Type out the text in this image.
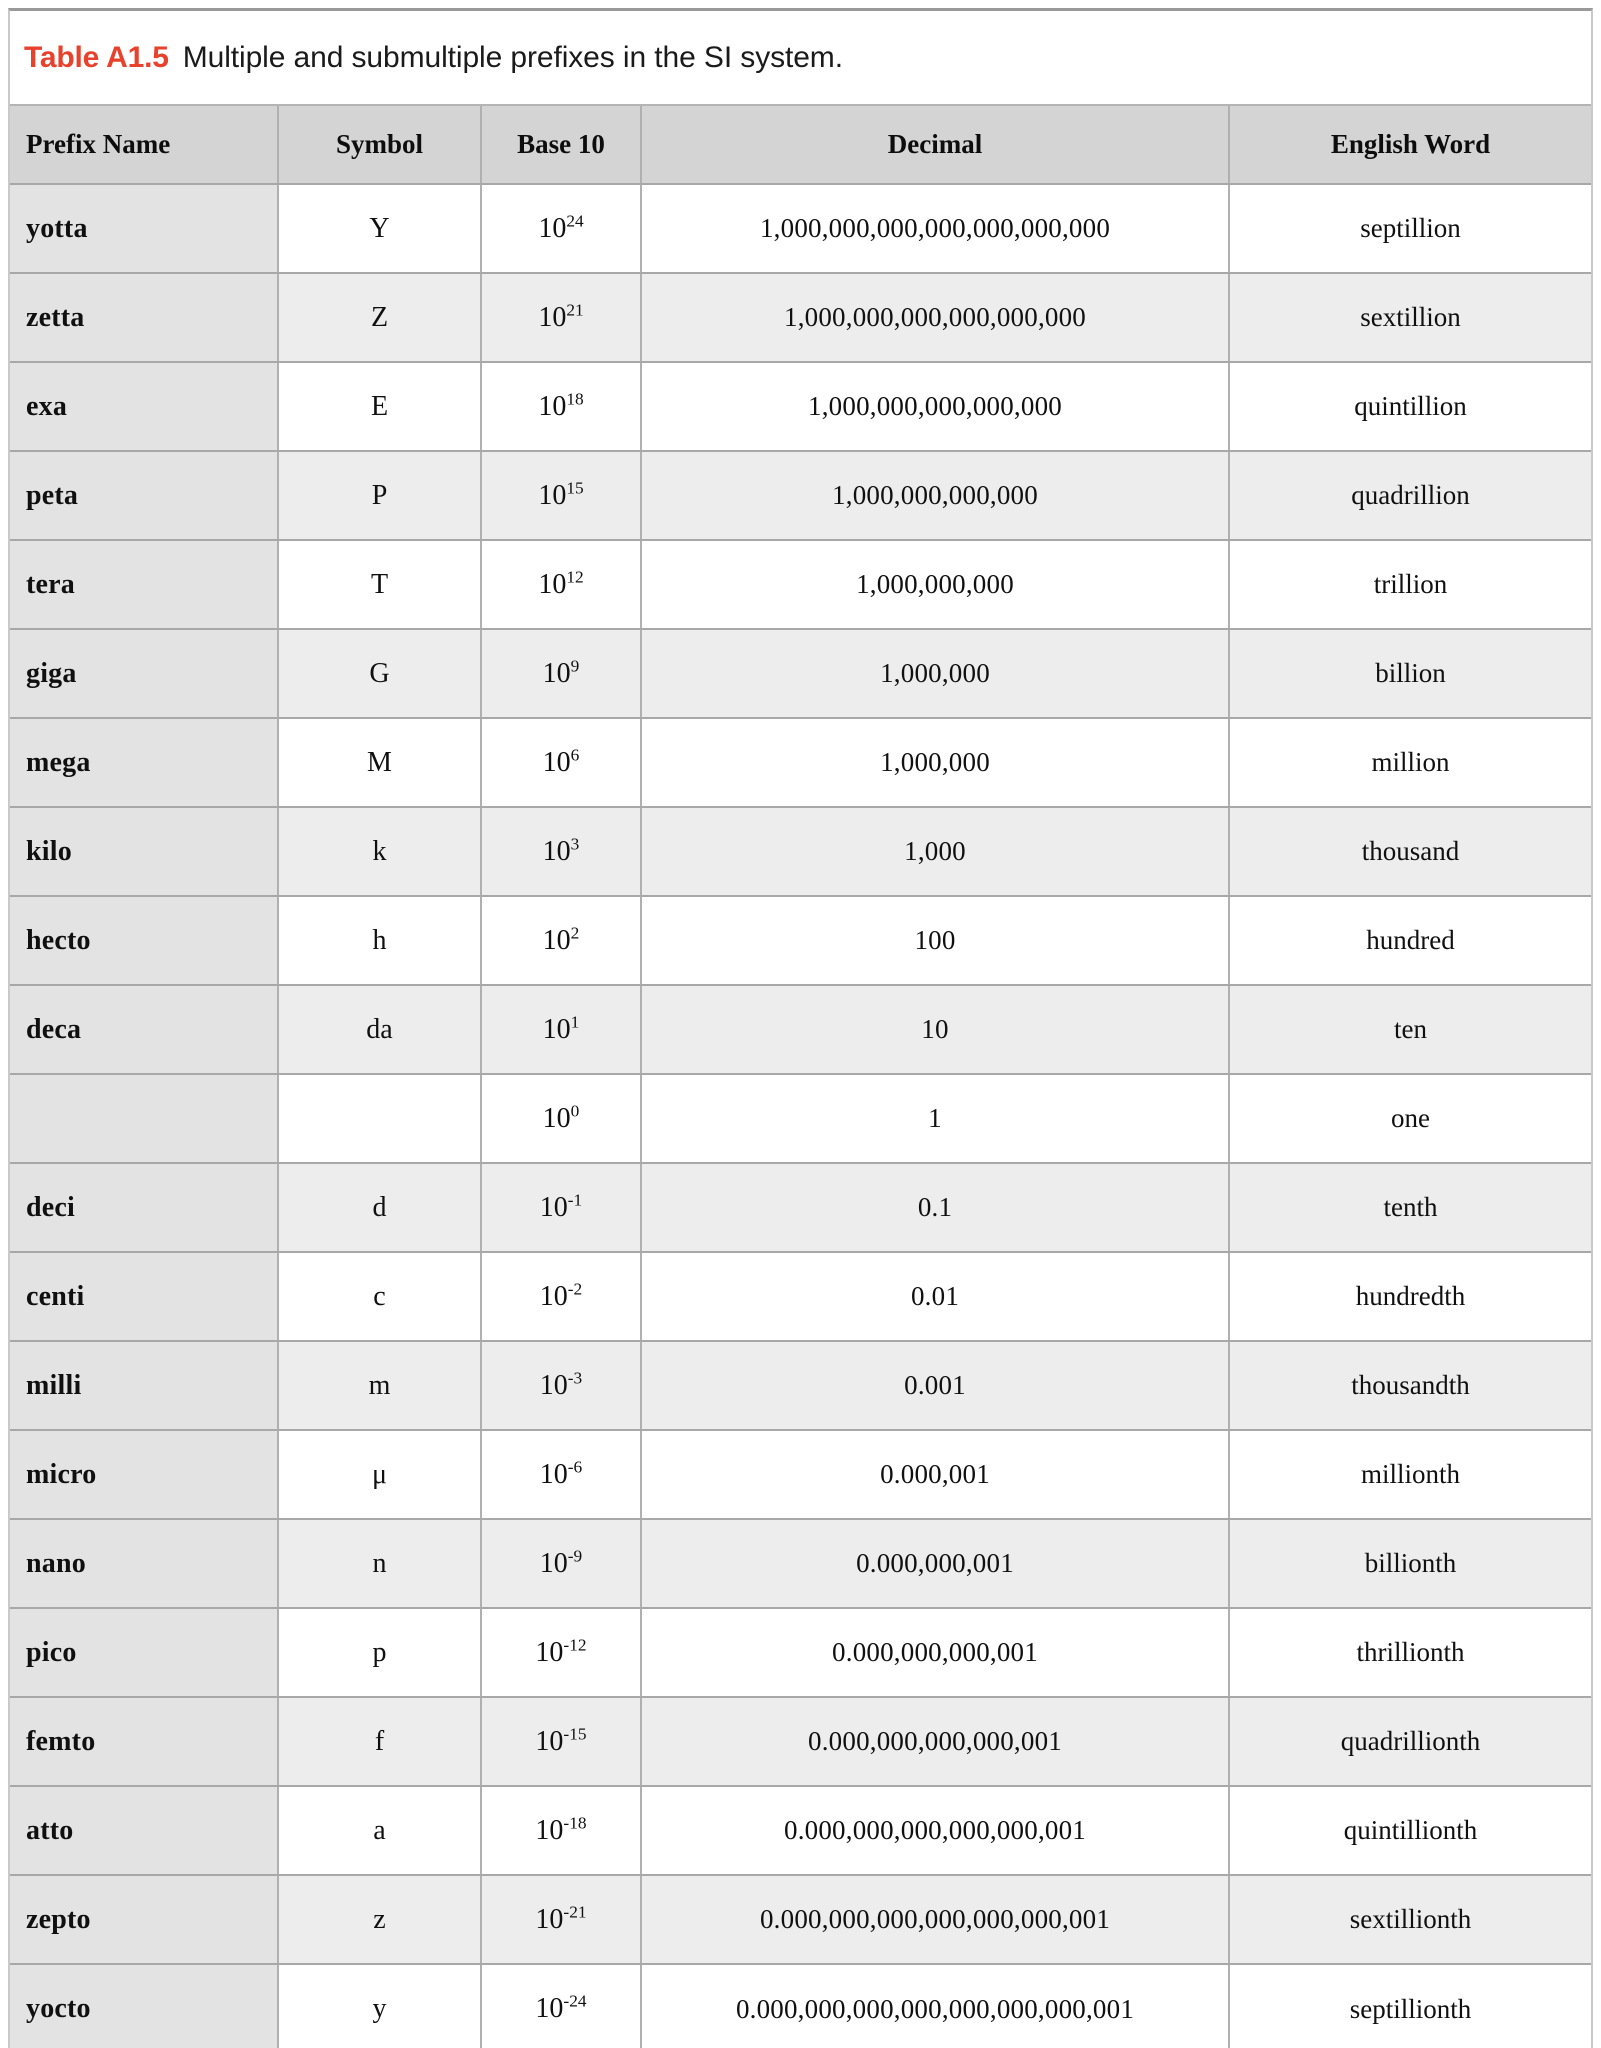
Table A1.5 Multiple and submultiple prefixes in the SI system.
Prefix Name	Symbol	Base 10	Decimal	English Word
yotta	Y	$10^{24}$	1,000,000,000,000,000,000,000	septillion
zetta	Z	$10^{21}$	1,000,000,000,000,000,000	sextillion
exa	E	$10^{18}$	1,000,000,000,000,000	quintillion
peta	P	$10^{15}$	1,000,000,000,000	quadrillion
tera	T	$10^{12}$	1,000,000,000	trillion
giga	G	$10^9$	1,000,000	billion
mega	M	$10^6$	1,000,000	million
kilo	k	$10^3$	1,000	thousand
hecto	h	$10^2$	100	hundred
deca	da	$10^1$	10	ten
		$10^0$	1	one
deci	d	$10^{-1}$	0.1	tenth
centi	c	$10^{-2}$	0.01	hundredth
milli	m	$10^{-3}$	0.001	thousandth
micro	μ	$10^{-6}$	0.000,001	millionth
nano	n	$10^{-9}$	0.000,000,001	billionth
pico	p	$10^{-12}$	0.000,000,000,001	thrillionth
femto	f	$10^{-15}$	0.000,000,000,000,001	quadrillionth
atto	a	$10^{-18}$	0.000,000,000,000,000,001	quintillionth
zepto	z	$10^{-21}$	0.000,000,000,000,000,000,001	sextillionth
yocto	y	$10^{-24}$	0.000,000,000,000,000,000,000,001	septillionth
